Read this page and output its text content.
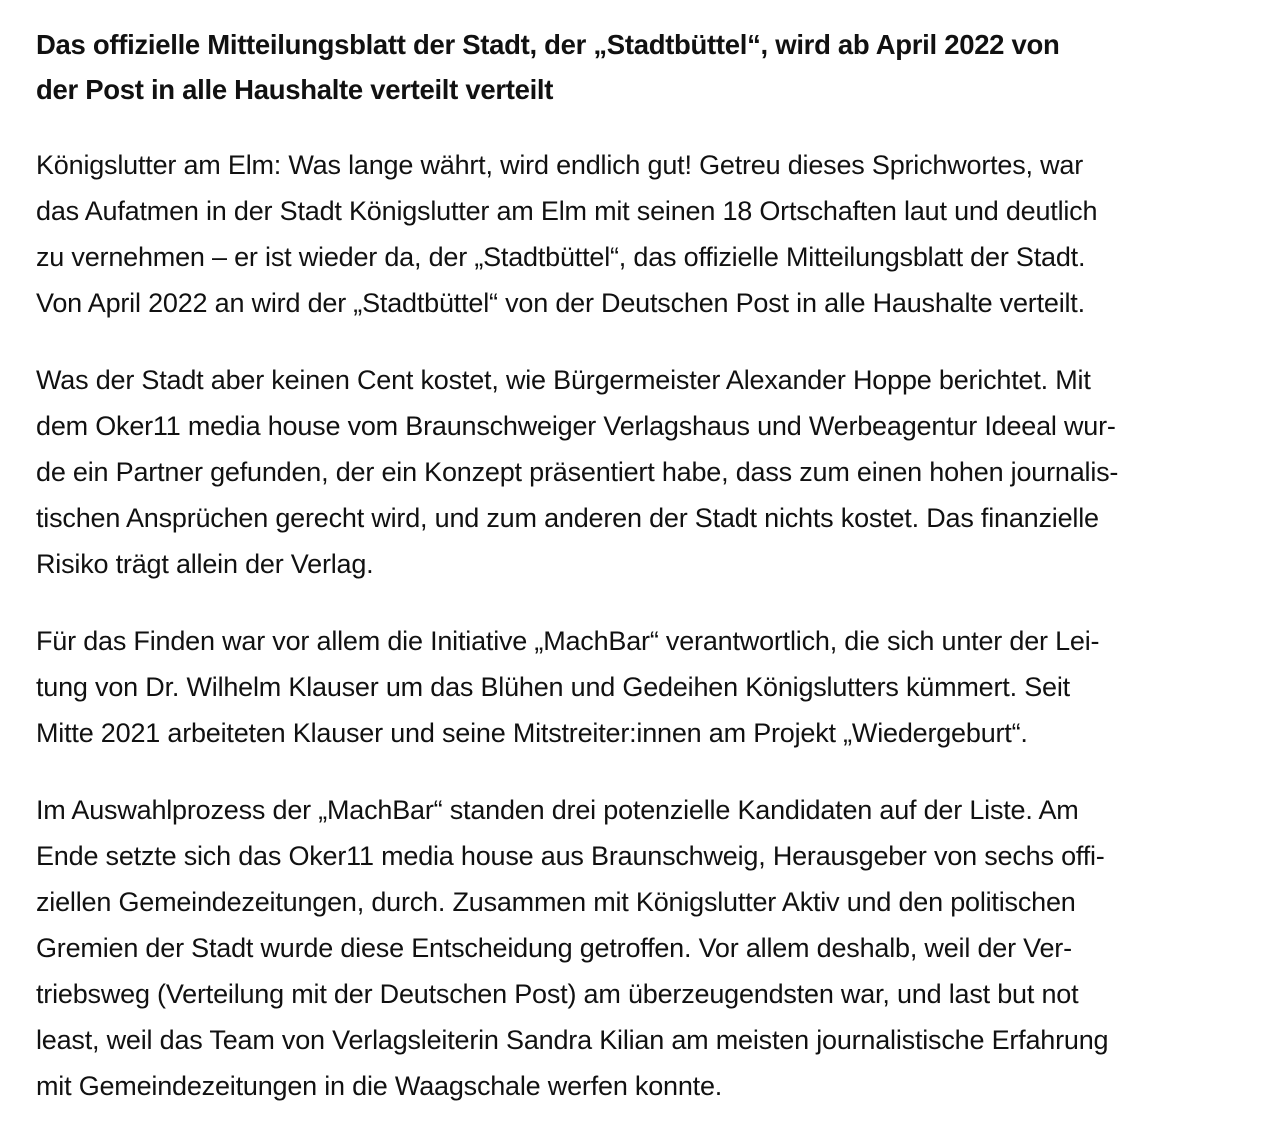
Das offizielle Mitteilungsblatt der Stadt, der „Stadtbüttel“, wird ab April 2022 von
der Post in alle Haushalte verteilt verteilt

Königslutter am Elm: Was lange währt, wird endlich gut! Getreu dieses Sprichwortes, war
das Aufatmen in der Stadt Königslutter am Elm mit seinen 18 Ortschaften laut und deutlich
zu vernehmen – er ist wieder da, der „Stadtbüttel“, das offizielle Mitteilungsblatt der Stadt.
Von April 2022 an wird der „Stadtbüttel“ von der Deutschen Post in alle Haushalte verteilt.

Was der Stadt aber keinen Cent kostet, wie Bürgermeister Alexander Hoppe berichtet. Mit
dem Oker11 media house vom Braunschweiger Verlagshaus und Werbeagentur Ideeal wur-
de ein Partner gefunden, der ein Konzept präsentiert habe, dass zum einen hohen journalis-
tischen Ansprüchen gerecht wird, und zum anderen der Stadt nichts kostet. Das finanzielle
Risiko trägt allein der Verlag.

Für das Finden war vor allem die Initiative „MachBar“ verantwortlich, die sich unter der Lei-
tung von Dr. Wilhelm Klauser um das Blühen und Gedeihen Königslutters kümmert. Seit
Mitte 2021 arbeiteten Klauser und seine Mitstreiter:innen am Projekt „Wiedergeburt“.

Im Auswahlprozess der „MachBar“ standen drei potenzielle Kandidaten auf der Liste. Am
Ende setzte sich das Oker11 media house aus Braunschweig, Herausgeber von sechs offi-
ziellen Gemeindezeitungen, durch. Zusammen mit Königslutter Aktiv und den politischen
Gremien der Stadt wurde diese Entscheidung getroffen. Vor allem deshalb, weil der Ver-
triebsweg (Verteilung mit der Deutschen Post) am überzeugendsten war, und last but not
least, weil das Team von Verlagsleiterin Sandra Kilian am meisten journalistische Erfahrung
mit Gemeindezeitungen in die Waagschale werfen konnte.
